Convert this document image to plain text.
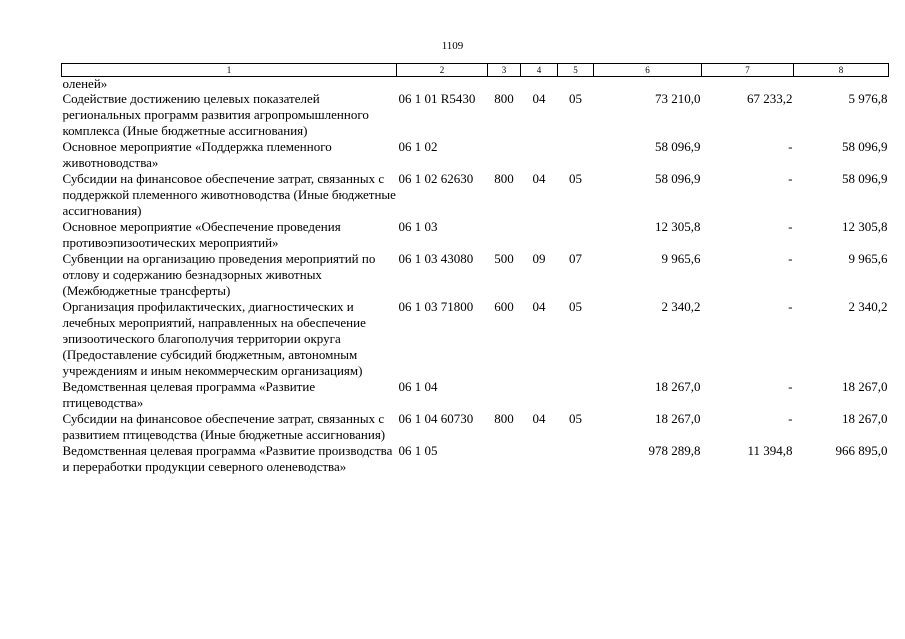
1109
1	2	3	4	5	6	7	8
оленей»							
Содействие достижению целевых показателей региональных программ развития агропромышленного комплекса (Иные бюджетные ассигнования)	06 1 01 R5430	800	04	05	73 210,0	67 233,2	5 976,8
Основное мероприятие «Поддержка племенного животноводства»	06 1 02				58 096,9	-	58 096,9
Субсидии на финансовое обеспечение затрат, связанных с поддержкой племенного животноводства (Иные бюджетные ассигнования)	06 1 02 62630	800	04	05	58 096,9	-	58 096,9
Основное мероприятие «Обеспечение проведения противоэпизоотических мероприятий»	06 1 03				12 305,8	-	12 305,8
Субвенции на организацию проведения мероприятий по отлову и содержанию безнадзорных животных (Межбюджетные трансферты)	06 1 03 43080	500	09	07	9 965,6	-	9 965,6
Организация профилактических, диагностических и лечебных мероприятий, направленных на обеспечение эпизоотического благополучия территории округа (Предоставление субсидий бюджетным, автономным учреждениям и иным некоммерческим организациям)	06 1 03 71800	600	04	05	2 340,2	-	2 340,2
Ведомственная целевая программа «Развитие птицеводства»	06 1 04				18 267,0	-	18 267,0
Субсидии на финансовое обеспечение затрат, связанных с развитием птицеводства (Иные бюджетные ассигнования)	06 1 04 60730	800	04	05	18 267,0	-	18 267,0
Ведомственная целевая программа «Развитие производства и переработки продукции северного оленеводства»	06 1 05				978 289,8	11 394,8	966 895,0
